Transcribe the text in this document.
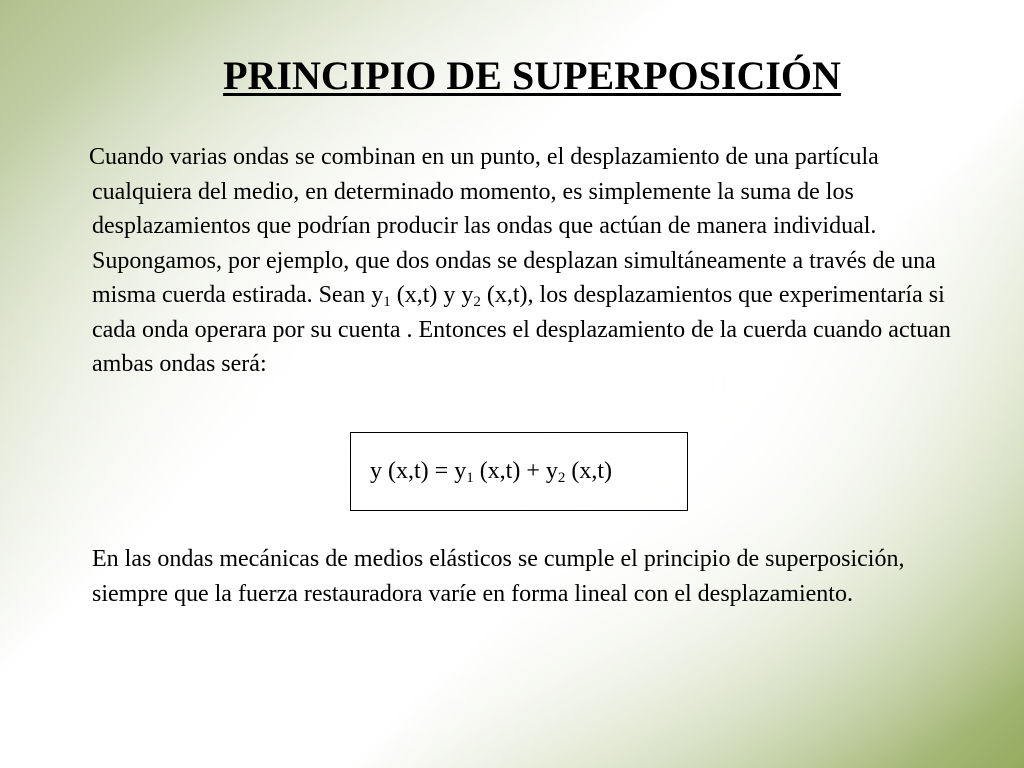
PRINCIPIO DE SUPERPOSICIÓN

Cuando varias ondas se combinan en un punto, el desplazamiento de una partícula cualquiera del medio, en determinado momento, es simplemente la suma de los desplazamientos que podrían producir las ondas que actúan de manera individual. Supongamos, por ejemplo, que dos ondas se desplazan simultáneamente a través de una misma cuerda estirada. Sean $y_1$ (x,t) y $y_2$ (x,t), los desplazamientos que experimentaría si cada onda operara por su cuenta . Entonces el desplazamiento de la cuerda cuando actuan ambas ondas será:

y $(x,t) = y_1$ $(x,t) + y_2$ (x,t)

En las ondas mecánicas de medios elásticos se cumple el principio de superposición, siempre que la fuerza restauradora varíe en forma lineal con el desplazamiento.
